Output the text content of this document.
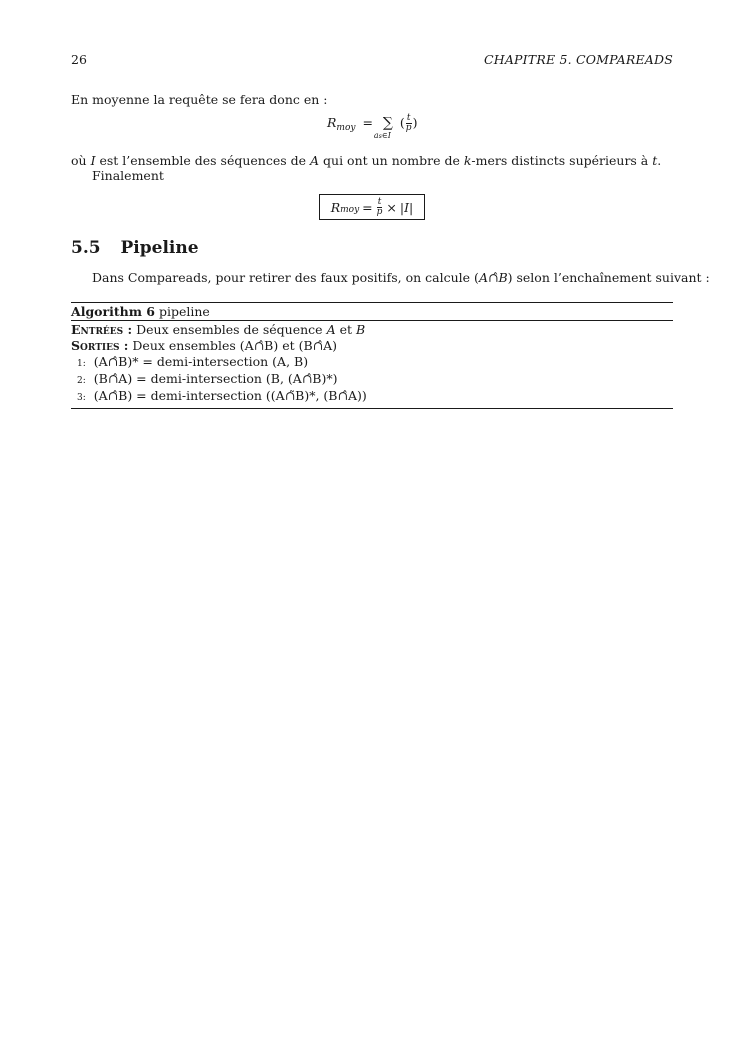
26	CHAPITRE 5. COMPAREADS
En moyenne la requête se fera donc en :
$R_{moy}$ = ∑
as∈I
( $\frac{t}{p}$ )
où I est l’ensemble des séquences de A qui ont un nombre de k-mers distincts supérieurs à t.
Finalement
R moy = $\frac{t}{p} \times |I|$
5.5 Pipeline
Dans Compareads, pour retirer des faux positifs, on calcule (A∩̂B) selon l’enchaînement suivant :
Algorithm 6 pipeline
Entrées : Deux ensembles de séquence A et B
Sorties : Deux ensembles (A∩̂B) et (B∩̂A)
1: (A∩̂B)* = demi-intersection (A, B)
2: (B∩̂A) = demi-intersection (B, (A∩̂B)*)
3: (A∩̂B) = demi-intersection ((A∩̃B)*, (B∩̂A))
